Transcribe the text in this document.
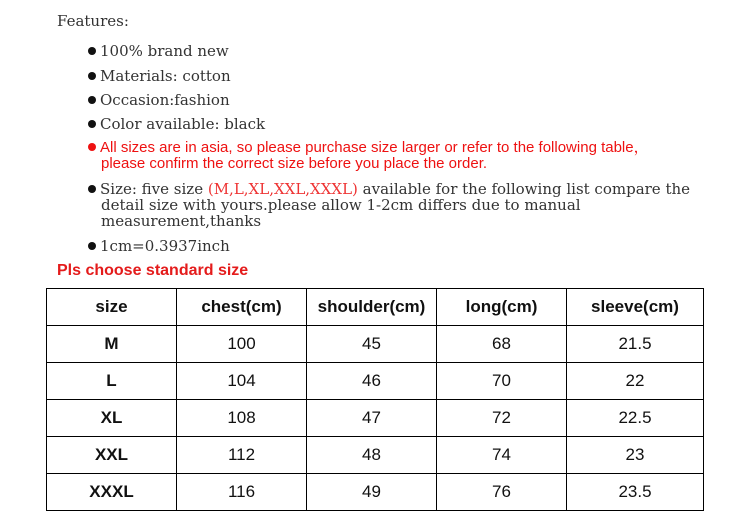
Features:
100% brand new
Materials: cotton
Occasion:fashion
Color available: black
All sizes are in asia, so please purchase size larger or refer to the following table，
please confirm the correct size before you place the order.
Size: five size (M,L,XL,XXL,XXXL) available for the following list compare the
detail size with yours.please allow 1-2cm differs due to manual
measurement,thanks
1cm=0.3937inch
Pls choose standard size
size	chest(cm)	shoulder(cm)	long(cm)	sleeve(cm)
M	100	45	68	21.5
L	104	46	70	22
XL	108	47	72	22.5
XXL	112	48	74	23
XXXL	116	49	76	23.5
